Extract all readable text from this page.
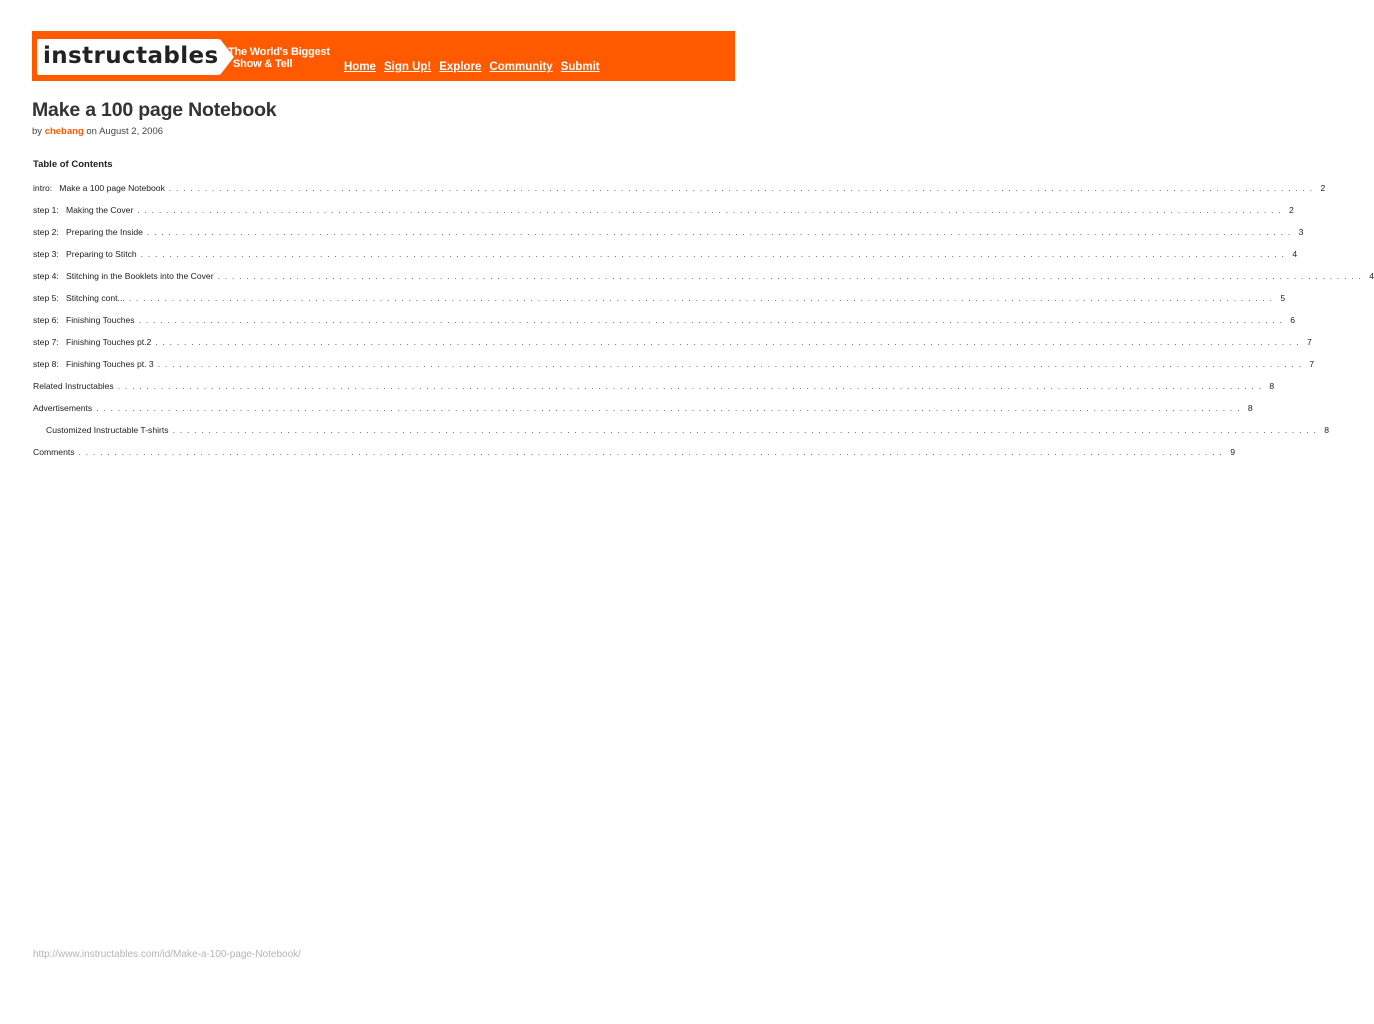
instructables The World's Biggest
Show & Tell	Home Sign Up! Explore Community Submit
Make a 100 page Notebook
by chebang on August 2, 2006
Table of Contents
intro: Make a 100 page Notebook . . . . . . . . . . . . . . . . . . . . . . . . . . . . . . . . . . . . . . . . . . . . . . . . . . . . . . . . . . . . . . . . . . . . . . . . . . . . . . . . . . . . . . . . . . . . . . . . . . . . . . . . . . . . . . . . . . . . . . . . . . . . . . . . . . . . . . . . . . . . . . . . . . . . . . . . . . . . . . . . 2
step 1: Making the Cover . . . . . . . . . . . . . . . . . . . . . . . . . . . . . . . . . . . . . . . . . . . . . . . . . . . . . . . . . . . . . . . . . . . . . . . . . . . . . . . . . . . . . . . . . . . . . . . . . . . . . . . . . . . . . . . . . . . . . . . . . . . . . . . . . . . . . . . . . . . . . . . . . . . . . . . . . . . . . . . . 2
step 2: Preparing the Inside . . . . . . . . . . . . . . . . . . . . . . . . . . . . . . . . . . . . . . . . . . . . . . . . . . . . . . . . . . . . . . . . . . . . . . . . . . . . . . . . . . . . . . . . . . . . . . . . . . . . . . . . . . . . . . . . . . . . . . . . . . . . . . . . . . . . . . . . . . . . . . . . . . . . . . . . . . . . . . . . 3
step 3: Preparing to Stitch . . . . . . . . . . . . . . . . . . . . . . . . . . . . . . . . . . . . . . . . . . . . . . . . . . . . . . . . . . . . . . . . . . . . . . . . . . . . . . . . . . . . . . . . . . . . . . . . . . . . . . . . . . . . . . . . . . . . . . . . . . . . . . . . . . . . . . . . . . . . . . . . . . . . . . . . . . . . . . . . 4
step 4: Stitching in the Booklets into the Cover . . . . . . . . . . . . . . . . . . . . . . . . . . . . . . . . . . . . . . . . . . . . . . . . . . . . . . . . . . . . . . . . . . . . . . . . . . . . . . . . . . . . . . . . . . . . . . . . . . . . . . . . . . . . . . . . . . . . . . . . . . . . . . . . . . . . . . . . . . . . . . . . . . . . . . . . . . . . . . . . 4
step 5: Stitching cont... . . . . . . . . . . . . . . . . . . . . . . . . . . . . . . . . . . . . . . . . . . . . . . . . . . . . . . . . . . . . . . . . . . . . . . . . . . . . . . . . . . . . . . . . . . . . . . . . . . . . . . . . . . . . . . . . . . . . . . . . . . . . . . . . . . . . . . . . . . . . . . . . . . . . . . . . . . . . . . . . 5
step 6: Finishing Touches . . . . . . . . . . . . . . . . . . . . . . . . . . . . . . . . . . . . . . . . . . . . . . . . . . . . . . . . . . . . . . . . . . . . . . . . . . . . . . . . . . . . . . . . . . . . . . . . . . . . . . . . . . . . . . . . . . . . . . . . . . . . . . . . . . . . . . . . . . . . . . . . . . . . . . . . . . . . . . . . 6
step 7: Finishing Touches pt.2 . . . . . . . . . . . . . . . . . . . . . . . . . . . . . . . . . . . . . . . . . . . . . . . . . . . . . . . . . . . . . . . . . . . . . . . . . . . . . . . . . . . . . . . . . . . . . . . . . . . . . . . . . . . . . . . . . . . . . . . . . . . . . . . . . . . . . . . . . . . . . . . . . . . . . . . . . . . . . . . . 7
step 8: Finishing Touches pt. 3 . . . . . . . . . . . . . . . . . . . . . . . . . . . . . . . . . . . . . . . . . . . . . . . . . . . . . . . . . . . . . . . . . . . . . . . . . . . . . . . . . . . . . . . . . . . . . . . . . . . . . . . . . . . . . . . . . . . . . . . . . . . . . . . . . . . . . . . . . . . . . . . . . . . . . . . . . . . . . . . . 7
Related Instructables . . . . . . . . . . . . . . . . . . . . . . . . . . . . . . . . . . . . . . . . . . . . . . . . . . . . . . . . . . . . . . . . . . . . . . . . . . . . . . . . . . . . . . . . . . . . . . . . . . . . . . . . . . . . . . . . . . . . . . . . . . . . . . . . . . . . . . . . . . . . . . . . . . . . . . . . . . . . . . . . 8
Advertisements . . . . . . . . . . . . . . . . . . . . . . . . . . . . . . . . . . . . . . . . . . . . . . . . . . . . . . . . . . . . . . . . . . . . . . . . . . . . . . . . . . . . . . . . . . . . . . . . . . . . . . . . . . . . . . . . . . . . . . . . . . . . . . . . . . . . . . . . . . . . . . . . . . . . . . . . . . . . . . . . 8
Customized Instructable T-shirts . . . . . . . . . . . . . . . . . . . . . . . . . . . . . . . . . . . . . . . . . . . . . . . . . . . . . . . . . . . . . . . . . . . . . . . . . . . . . . . . . . . . . . . . . . . . . . . . . . . . . . . . . . . . . . . . . . . . . . . . . . . . . . . . . . . . . . . . . . . . . . . . . . . . . . . . . . . . . . . . 8
Comments . . . . . . . . . . . . . . . . . . . . . . . . . . . . . . . . . . . . . . . . . . . . . . . . . . . . . . . . . . . . . . . . . . . . . . . . . . . . . . . . . . . . . . . . . . . . . . . . . . . . . . . . . . . . . . . . . . . . . . . . . . . . . . . . . . . . . . . . . . . . . . . . . . . . . . . . . . . . . . . . 9
http://www.instructables.com/id/Make-a-100-page-Notebook/
